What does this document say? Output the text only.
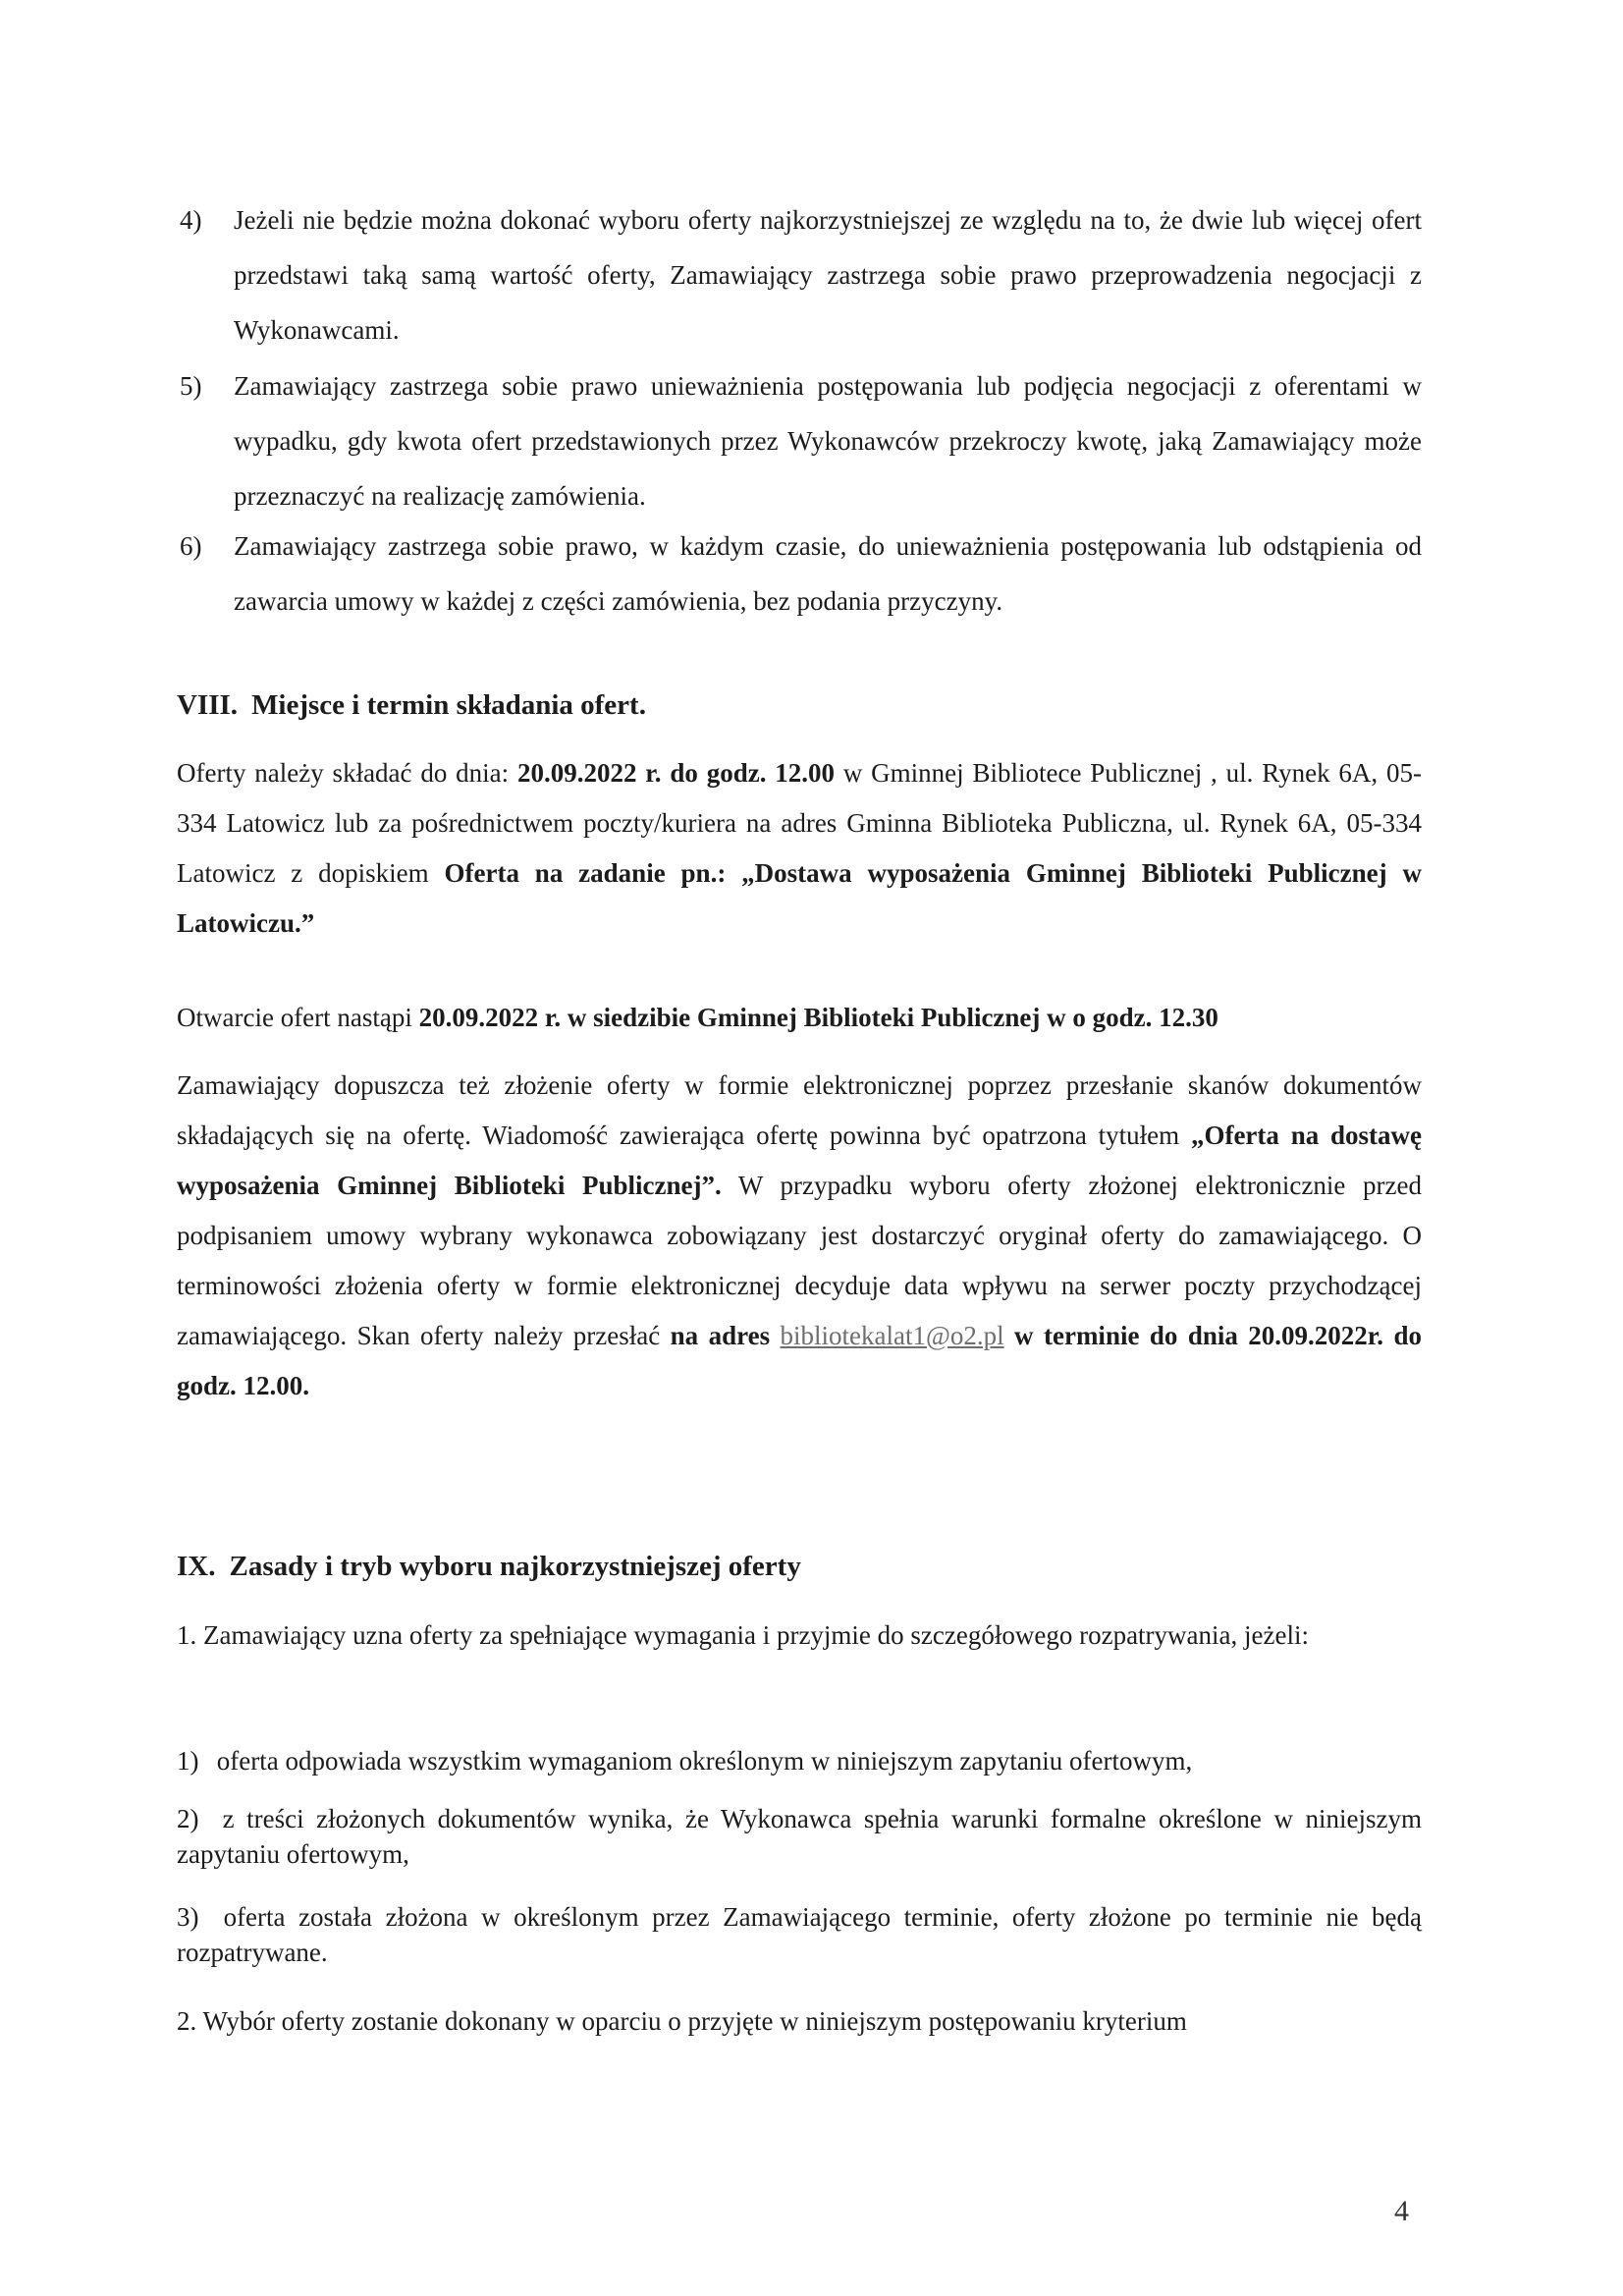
4) Jeżeli nie będzie można dokonać wyboru oferty najkorzystniejszej ze względu na to, że dwie lub więcej ofert przedstawi taką samą wartość oferty, Zamawiający zastrzega sobie prawo przeprowadzenia negocjacji z Wykonawcami.
5) Zamawiający zastrzega sobie prawo unieważnienia postępowania lub podjęcia negocjacji z oferentami w wypadku, gdy kwota ofert przedstawionych przez Wykonawców przekroczy kwotę, jaką Zamawiający może przeznaczyć na realizację zamówienia.
6) Zamawiający zastrzega sobie prawo, w każdym czasie, do unieważnienia postępowania lub odstąpienia od zawarcia umowy w każdej z części zamówienia, bez podania przyczyny.
VIII. Miejsce i termin składania ofert.

Oferty należy składać do dnia: 20.09.2022 r. do godz. 12.00 w Gminnej Bibliotece Publicznej , ul. Rynek 6A, 05-334 Latowicz lub za pośrednictwem poczty/kuriera na adres Gminna Biblioteka Publiczna, ul. Rynek 6A, 05-334 Latowicz z dopiskiem Oferta na zadanie pn.: „Dostawa wyposażenia Gminnej Biblioteki Publicznej w Latowiczu.”

Otwarcie ofert nastąpi 20.09.2022 r. w siedzibie Gminnej Biblioteki Publicznej w o godz. 12.30

Zamawiający dopuszcza też złożenie oferty w formie elektronicznej poprzez przesłanie skanów dokumentów składających się na ofertę. Wiadomość zawierająca ofertę powinna być opatrzona tytułem „Oferta na dostawę wyposażenia Gminnej Biblioteki Publicznej”. W przypadku wyboru oferty złożonej elektronicznie przed podpisaniem umowy wybrany wykonawca zobowiązany jest dostarczyć oryginał oferty do zamawiającego. O terminowości złożenia oferty w formie elektronicznej decyduje data wpływu na serwer poczty przychodzącej zamawiającego. Skan oferty należy przesłać na adres bibliotekalat1@o2.pl w terminie do dnia 20.09.2022r. do godz. 12.00.

IX. Zasady i tryb wyboru najkorzystniejszej oferty

1. Zamawiający uzna oferty za spełniające wymagania i przyjmie do szczegółowego rozpatrywania, jeżeli:

1) oferta odpowiada wszystkim wymaganiom określonym w niniejszym zapytaniu ofertowym,
2) z treści złożonych dokumentów wynika, że Wykonawca spełnia warunki formalne określone w niniejszym zapytaniu ofertowym,
3) oferta została złożona w określonym przez Zamawiającego terminie, oferty złożone po terminie nie będą rozpatrywane.

2. Wybór oferty zostanie dokonany w oparciu o przyjęte w niniejszym postępowaniu kryterium

4
